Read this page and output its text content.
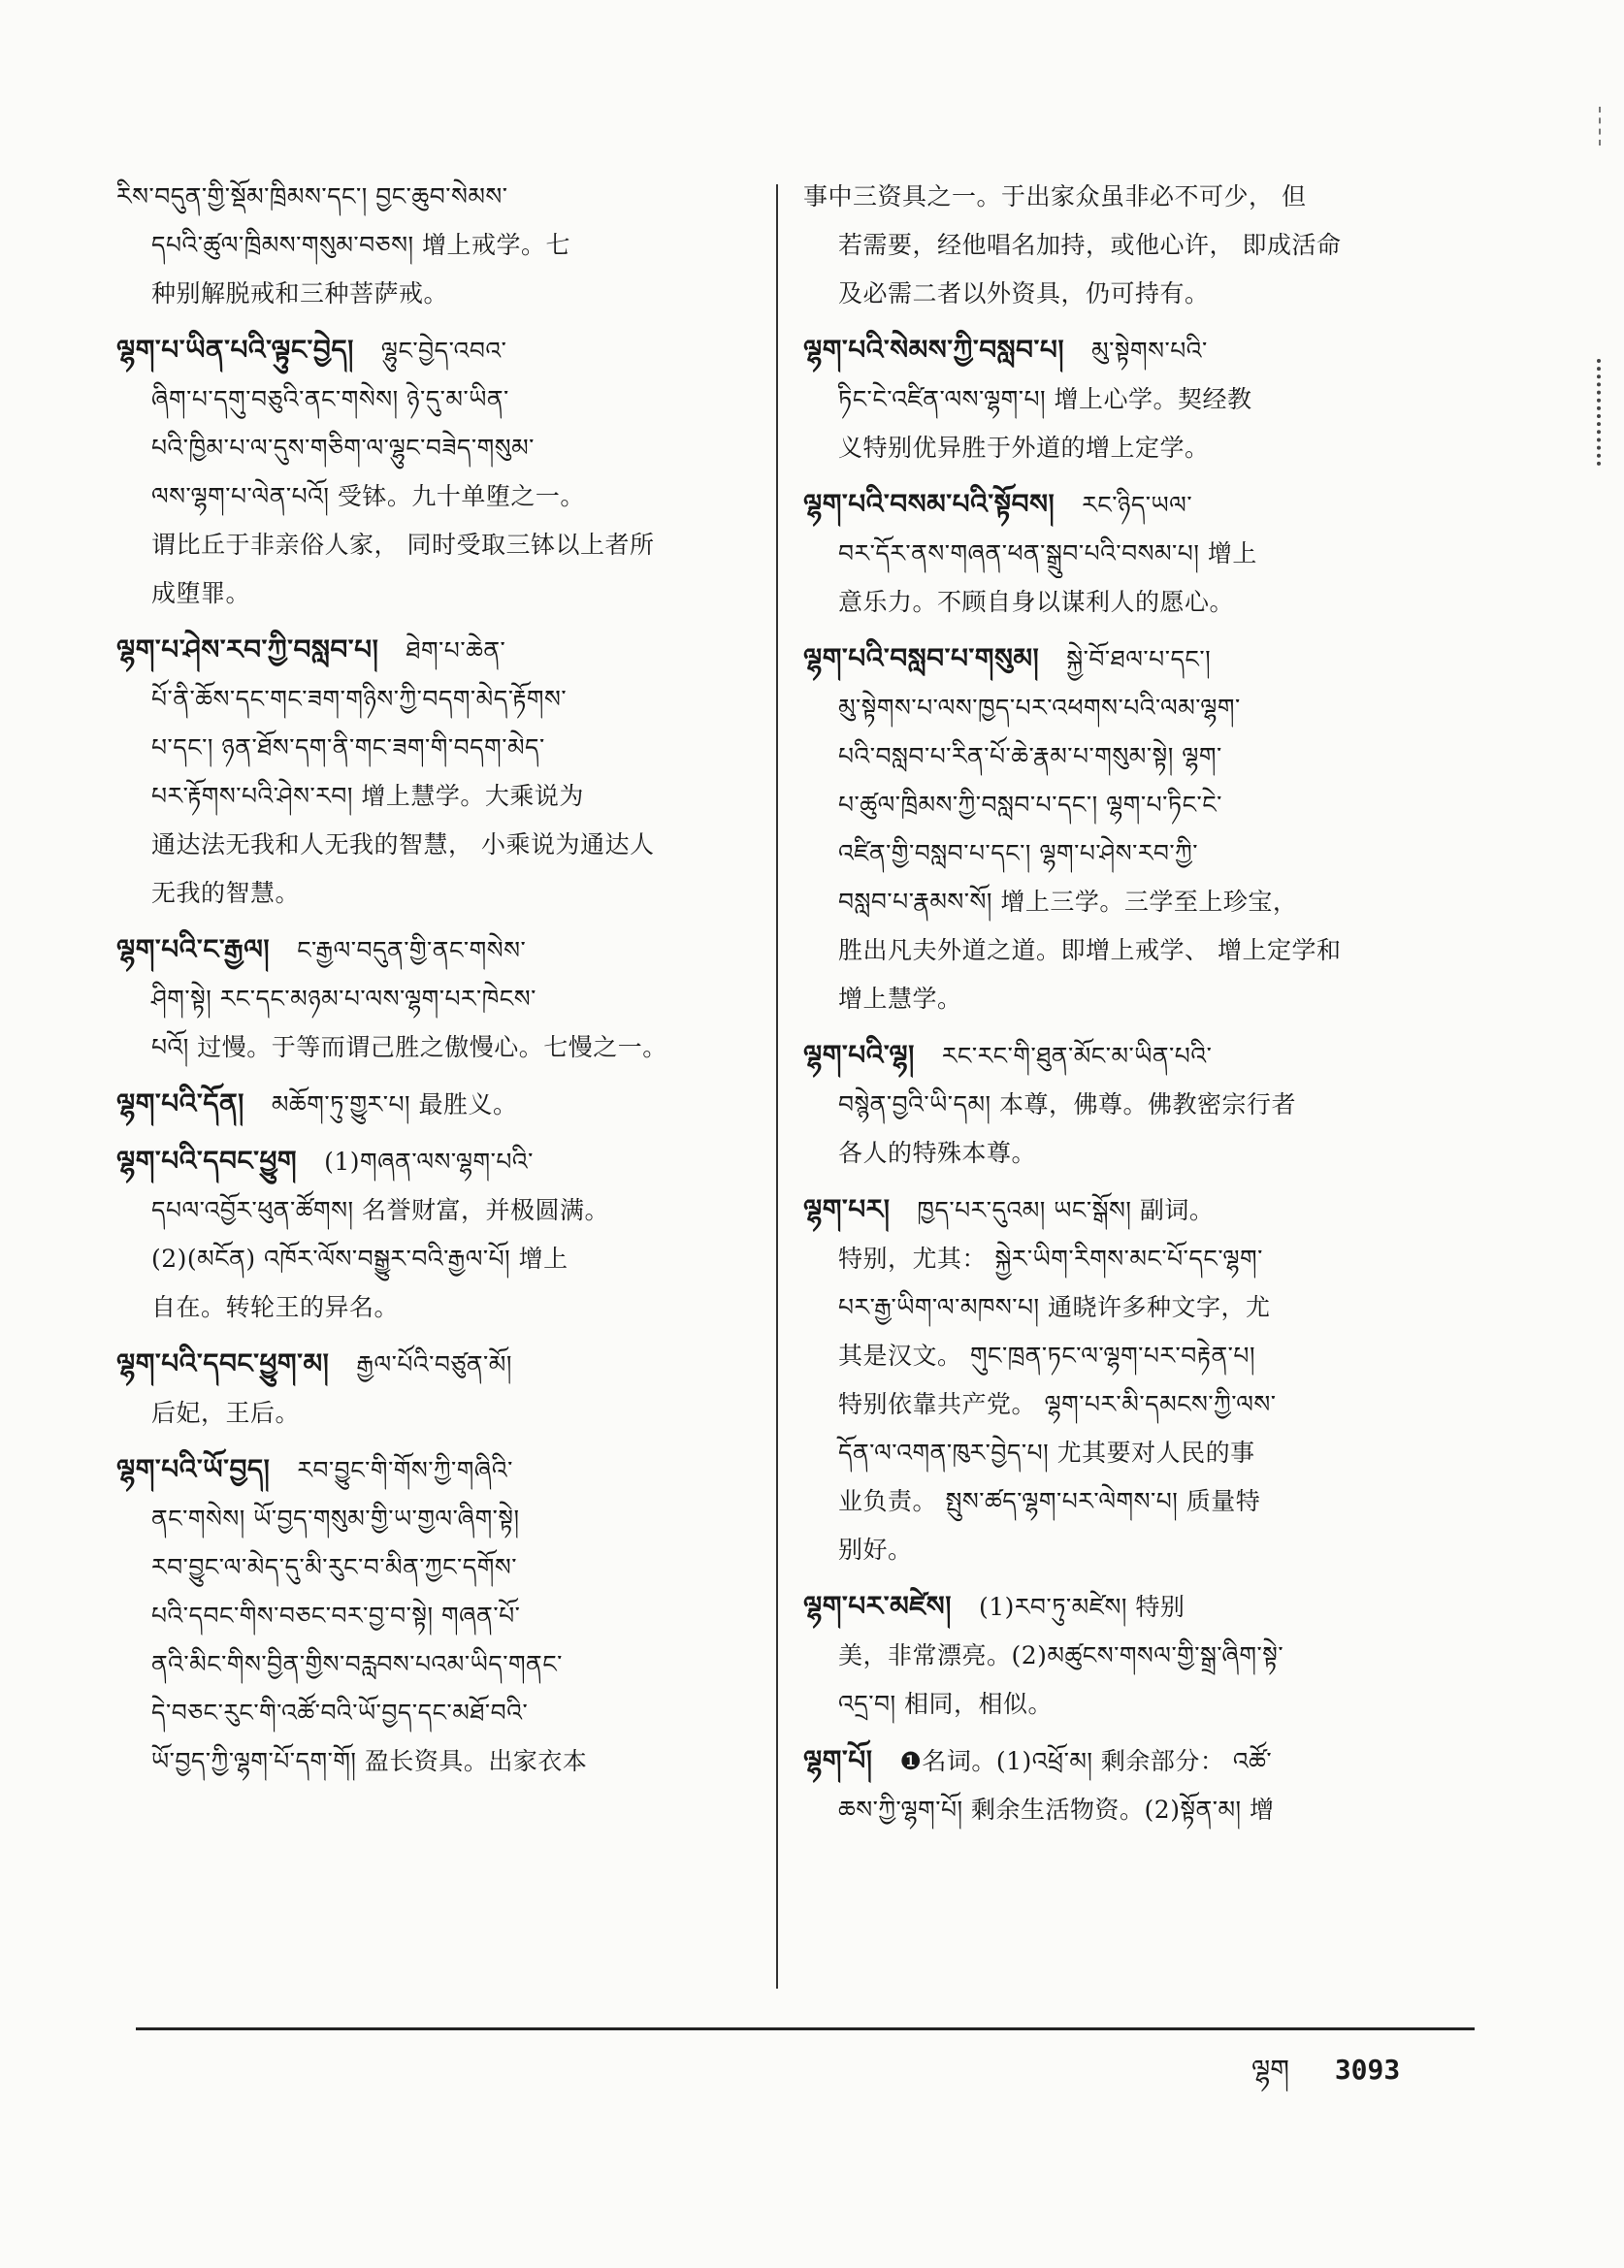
རིས་བདུན་གྱི་སྡོམ་ཁྲིམས་དང་། བྱང་ཆུབ་སེམས་
དཔའི་ཚུལ་ཁྲིམས་གསུམ་བཅས། 增上戒学。七
种别解脱戒和三种菩萨戒。
ལྷག་པ་ཡིན་པའི་ལྟུང་བྱེད། ལྷུང་བྱེད་འབའ་
ཞིག་པ་དགུ་བཅུའི་ནང་གསེས། ཉེ་དུ་མ་ཡིན་
པའི་ཁྱིམ་པ་ལ་དུས་གཅིག་ལ་ལྷུང་བཟེད་གསུམ་
ལས་ལྷག་པ་ལེན་པའོ། 受钵。九十单堕之一。
谓比丘于非亲俗人家， 同时受取三钵以上者所
成堕罪。
ལྷག་པ་ཤེས་རབ་ཀྱི་བསླབ་པ། ཐེག་པ་ཆེན་
པོ་ནི་ཆོས་དང་གང་ཟག་གཉིས་ཀྱི་བདག་མེད་རྟོགས་
པ་དང་། ཉན་ཐོས་དག་ནི་གང་ཟག་གི་བདག་མེད་
པར་རྟོགས་པའི་ཤེས་རབ། 增上慧学。大乘说为
通达法无我和人无我的智慧， 小乘说为通达人
无我的智慧。
ལྷག་པའི་ང་རྒྱལ། ང་རྒྱལ་བདུན་གྱི་ནང་གསེས་
ཤིག་སྟེ། རང་དང་མཉམ་པ་ལས་ལྷག་པར་ཁེངས་
པའོ། 过慢。于等而谓己胜之傲慢心。七慢之一。
ལྷག་པའི་དོན། མཆོག་ཏུ་གྱུར་པ། 最胜义。
ལྷག་པའི་དབང་ཕྱུག (1)གཞན་ལས་ལྷག་པའི་
དཔལ་འབྱོར་ཕུན་ཚོགས། 名誉财富，并极圆满。
(2)(མངོན) འཁོར་ལོས་བསྒྱུར་བའི་རྒྱལ་པོ། 增上
自在。转轮王的异名。
ལྷག་པའི་དབང་ཕྱུག་མ། རྒྱལ་པོའི་བཙུན་མོ།
后妃，王后。
ལྷག་པའི་ཡོ་བྱད། རབ་བྱུང་གི་གོས་ཀྱི་གཞིའི་
ནང་གསེས། ཡོ་བྱད་གསུམ་གྱི་ཡ་གྱལ་ཞིག་སྟེ།
རབ་བྱུང་ལ་མེད་དུ་མི་རུང་བ་མིན་ཀྱང་དགོས་
པའི་དབང་གིས་བཅང་བར་བྱ་བ་སྟེ། གཞན་པོ་
ནའི་མིང་གིས་བྱིན་གྱིས་བརླབས་པའམ་ཡིད་གནང་
དེ་བཅང་རུང་གི་འཚོ་བའི་ཡོ་བྱད་དང་མཐོ་བའི་
ཡོ་བྱད་ཀྱི་ལྷག་པོ་དག་གོ། 盈长资具。出家衣本
事中三资具之一。于出家众虽非必不可少， 但
若需要，经他唱名加持，或他心许， 即成活命
及必需二者以外资具，仍可持有。
ལྷག་པའི་སེམས་ཀྱི་བསླབ་པ། མུ་སྟེགས་པའི་
ཏིང་ངེ་འཛིན་ལས་ལྷག་པ། 增上心学。契经教
义特别优异胜于外道的增上定学。
ལྷག་པའི་བསམ་པའི་སྟོབས། རང་ཉིད་ཡལ་
བར་དོར་ནས་གཞན་ཕན་སྒྲུབ་པའི་བསམ་པ། 增上
意乐力。不顾自身以谋利人的愿心。
ལྷག་པའི་བསླབ་པ་གསུམ། སྐྱེ་བོ་ཐལ་པ་དང་།
མུ་སྟེགས་པ་ལས་ཁྱད་པར་འཕགས་པའི་ལམ་ལྷག་
པའི་བསླབ་པ་རིན་པོ་ཆེ་རྣམ་པ་གསུམ་སྟེ། ལྷག་
པ་ཚུལ་ཁྲིམས་ཀྱི་བསླབ་པ་དང་། ལྷག་པ་ཏིང་ངེ་
འཛིན་གྱི་བསླབ་པ་དང་། ལྷག་པ་ཤེས་རབ་ཀྱི་
བསླབ་པ་རྣམས་སོ། 增上三学。三学至上珍宝，
胜出凡夫外道之道。即增上戒学、 增上定学和
增上慧学。
ལྷག་པའི་ལྷ། རང་རང་གི་ཐུན་མོང་མ་ཡིན་པའི་
བསྙེན་བྱའི་ཡི་དམ། 本尊，佛尊。佛教密宗行者
各人的特殊本尊。
ལྷག་པར། ཁྱད་པར་དུའམ། ཡང་སྒོས། 副词。
特别，尤其： སྐྱེར་ཡིག་རིགས་མང་པོ་དང་ལྷག་
པར་རྒྱ་ཡིག་ལ་མཁས་པ། 通晓许多种文字，尤
其是汉文。 གུང་ཁྲན་ཏང་ལ་ལྷག་པར་བརྟེན་པ།
特别依靠共产党。 ལྷག་པར་མི་དམངས་ཀྱི་ལས་
དོན་ལ་འགན་ཁུར་བྱེད་པ། 尤其要对人民的事
业负责。 སྤུས་ཚད་ལྷག་པར་ལེགས་པ། 质量特
别好。
ལྷག་པར་མཛེས། (1)རབ་ཏུ་མཛེས། 特别
美，非常漂亮。(2)མཚུངས་གསལ་གྱི་སྒྲ་ཞིག་སྟེ་
འདྲ་བ། 相同，相似。
ལྷག་པོ། ❶名词。(1)འཕྲོ་མ། 剩余部分： འཚོ་
ཆས་ཀྱི་ལྷག་པོ། 剩余生活物资。(2)སྟོན་མ། 增
ལྷག 3093
